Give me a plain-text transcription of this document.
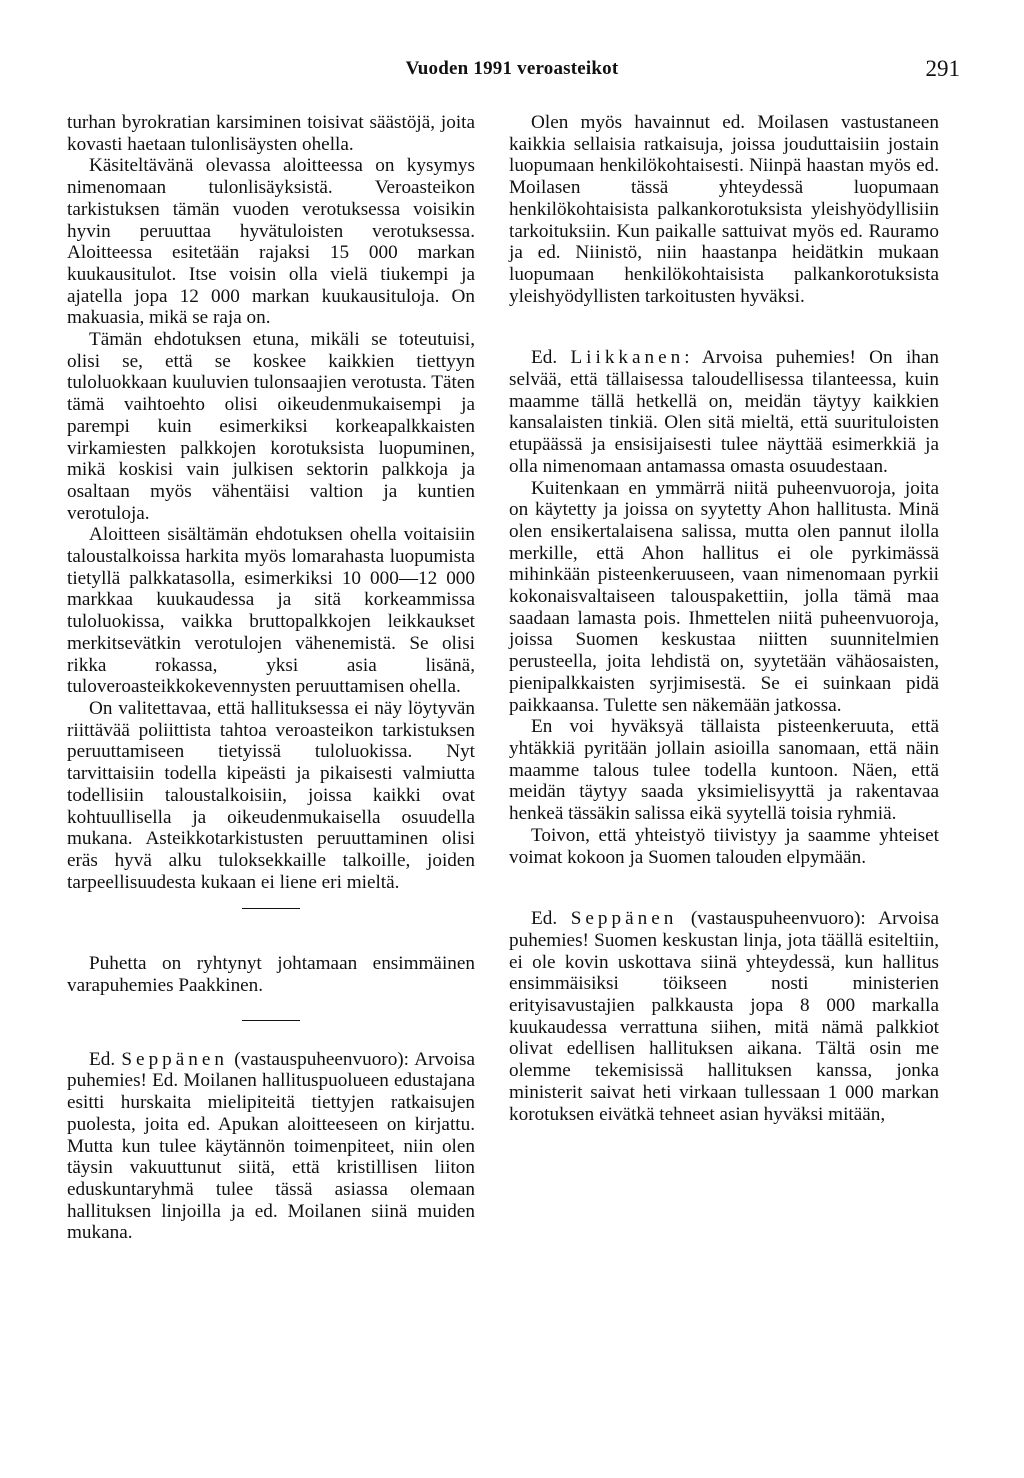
Vuoden 1991 veroasteikot	291

turhan byrokratian karsiminen toisivat säästöjä, joita kovasti haetaan tulonlisäysten ohella.

Käsiteltävänä olevassa aloitteessa on kysymys nimenomaan tulonlisäyksistä. Veroasteikon tarkistuksen tämän vuoden verotuksessa voisikin hyvin peruuttaa hyvätuloisten verotuksessa. Aloitteessa esitetään rajaksi 15 000 markan kuukausitulot. Itse voisin olla vielä tiukempi ja ajatella jopa 12 000 markan kuukausituloja. On makuasia, mikä se raja on.

Tämän ehdotuksen etuna, mikäli se toteutuisi, olisi se, että se koskee kaikkien tiettyyn tuloluokkaan kuuluvien tulonsaajien verotusta. Täten tämä vaihtoehto olisi oikeudenmukaisempi ja parempi kuin esimerkiksi korkeapalkkaisten virkamiesten palkkojen korotuksista luopuminen, mikä koskisi vain julkisen sektorin palkkoja ja osaltaan myös vähentäisi valtion ja kuntien verotuloja.

Aloitteen sisältämän ehdotuksen ohella voitaisiin taloustalkoissa harkita myös lomarahasta luopumista tietyllä palkkatasolla, esimerkiksi 10 000—12 000 markkaa kuukaudessa ja sitä korkeammissa tuloluokissa, vaikka bruttopalkkojen leikkaukset merkitsevätkin verotulojen vähenemistä. Se olisi rikka rokassa, yksi asia lisänä, tuloveroasteikkokevennysten peruuttamisen ohella.

On valitettavaa, että hallituksessa ei näy löytyvän riittävää poliittista tahtoa veroasteikon tarkistuksen peruuttamiseen tietyissä tuloluokissa. Nyt tarvittaisiin todella kipeästi ja pikaisesti valmiutta todellisiin taloustalkoisiin, joissa kaikki ovat kohtuullisella ja oikeudenmukaisella osuudella mukana. Asteikkotarkistusten peruuttaminen olisi eräs hyvä alku tuloksekkaille talkoille, joiden tarpeellisuudesta kukaan ei liene eri mieltä.

Puhetta on ryhtynyt johtamaan ensimmäinen varapuhemies Paakkinen.

Ed. Seppänen (vastauspuheenvuoro): Arvoisa puhemies! Ed. Moilanen hallituspuolueen edustajana esitti hurskaita mielipiteitä tiettyjen ratkaisujen puolesta, joita ed. Apukan aloitteeseen on kirjattu. Mutta kun tulee käytännön toimenpiteet, niin olen täysin vakuuttunut siitä, että kristillisen liiton eduskuntaryhmä tulee tässä asiassa olemaan hallituksen linjoilla ja ed. Moilanen siinä muiden mukana.

Olen myös havainnut ed. Moilasen vastustaneen kaikkia sellaisia ratkaisuja, joissa jouduttaisiin jostain luopumaan henkilökohtaisesti. Niinpä haastan myös ed. Moilasen tässä yhteydessä luopumaan henkilökohtaisista palkankorotuksista yleishyödyllisiin tarkoituksiin. Kun paikalle sattuivat myös ed. Rauramo ja ed. Niinistö, niin haastanpa heidätkin mukaan luopumaan henkilökohtaisista palkankorotuksista yleishyödyllisten tarkoitusten hyväksi.

Ed. Liikkanen: Arvoisa puhemies! On ihan selvää, että tällaisessa taloudellisessa tilanteessa, kuin maamme tällä hetkellä on, meidän täytyy kaikkien kansalaisten tinkiä. Olen sitä mieltä, että suurituloisten etupäässä ja ensisijaisesti tulee näyttää esimerkkiä ja olla nimenomaan antamassa omasta osuudestaan.

Kuitenkaan en ymmärrä niitä puheenvuoroja, joita on käytetty ja joissa on syytetty Ahon hallitusta. Minä olen ensikertalaisena salissa, mutta olen pannut ilolla merkille, että Ahon hallitus ei ole pyrkimässä mihinkään pisteenkeruuseen, vaan nimenomaan pyrkii kokonaisvaltaiseen talouspakettiin, jolla tämä maa saadaan lamasta pois. Ihmettelen niitä puheenvuoroja, joissa Suomen keskustaa niitten suunnitelmien perusteella, joita lehdistä on, syytetään vähäosaisten, pienipalkkaisten syrjimisestä. Se ei suinkaan pidä paikkaansa. Tulette sen näkemään jatkossa.

En voi hyväksyä tällaista pisteenkeruuta, että yhtäkkiä pyritään jollain asioilla sanomaan, että näin maamme talous tulee todella kuntoon. Näen, että meidän täytyy saada yksimielisyyttä ja rakentavaa henkeä tässäkin salissa eikä syytellä toisia ryhmiä.

Toivon, että yhteistyö tiivistyy ja saamme yhteiset voimat kokoon ja Suomen talouden elpymään.

Ed. Seppänen (vastauspuheenvuoro): Arvoisa puhemies! Suomen keskustan linja, jota täällä esiteltiin, ei ole kovin uskottava siinä yhteydessä, kun hallitus ensimmäisiksi töikseen nosti ministerien erityisavustajien palkkausta jopa 8 000 markalla kuukaudessa verrattuna siihen, mitä nämä palkkiot olivat edellisen hallituksen aikana. Tältä osin me olemme tekemisissä hallituksen kanssa, jonka ministerit saivat heti virkaan tullessaan 1 000 markan korotuksen eivätkä tehneet asian hyväksi mitään,
